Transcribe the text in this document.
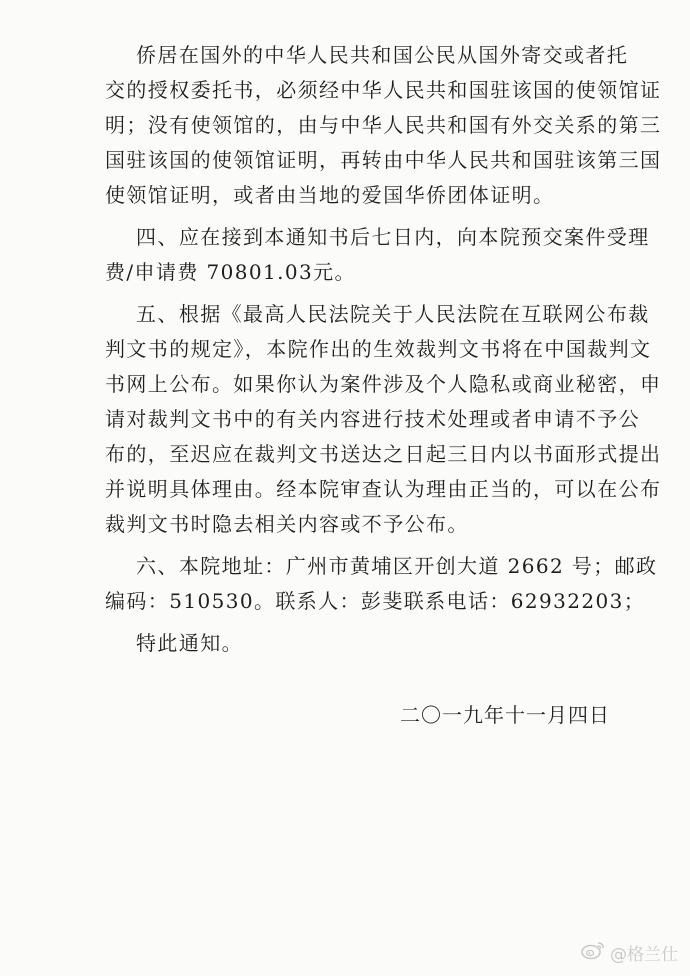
侨居在国外的中华人民共和国公民从国外寄交或者托
交的授权委托书，必须经中华人民共和国驻该国的使领馆证
明；没有使领馆的，由与中华人民共和国有外交关系的第三
国驻该国的使领馆证明，再转由中华人民共和国驻该第三国
使领馆证明，或者由当地的爱国华侨团体证明。
四、应在接到本通知书后七日内，向本院预交案件受理
费/申请费 70801.03元。
五、根据《最高人民法院关于人民法院在互联网公布裁
判文书的规定》，本院作出的生效裁判文书将在中国裁判文
书网上公布。如果你认为案件涉及个人隐私或商业秘密，申
请对裁判文书中的有关内容进行技术处理或者申请不予公
布的，至迟应在裁判文书送达之日起三日内以书面形式提出
并说明具体理由。经本院审查认为理由正当的，可以在公布
裁判文书时隐去相关内容或不予公布。
六、本院地址：广州市黄埔区开创大道 2662 号；邮政
编码：510530。联系人：彭斐联系电话：62932203；
特此通知。
二〇一九年十一月四日
@格兰仕
